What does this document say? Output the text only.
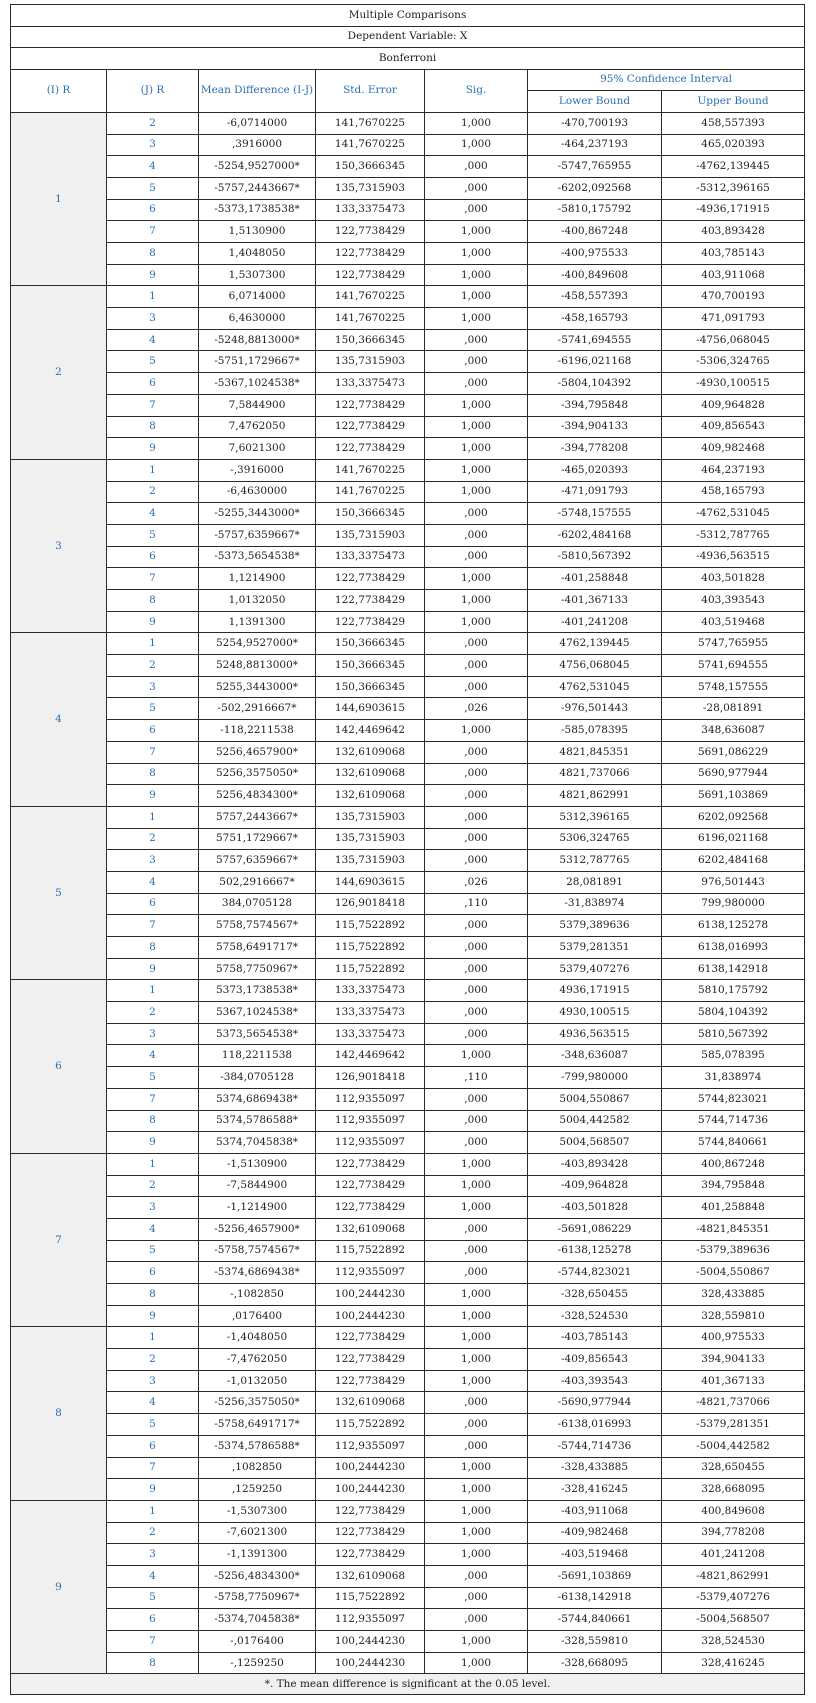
Multiple Comparisons						
Dependent Variable: X						
Bonferroni						
(I) R	(J) R	Mean Difference (I-J)	Std. Error	Sig.	95% Confidence Interval	
					Lower Bound	Upper Bound
1	2	-6,0714000	141,7670225	1,000	-470,700193	458,557393
	3	,3916000	141,7670225	1,000	-464,237193	465,020393
	4	-5254,9527000*	150,3666345	,000	-5747,765955	-4762,139445
	5	-5757,2443667*	135,7315903	,000	-6202,092568	-5312,396165
	6	-5373,1738538*	133,3375473	,000	-5810,175792	-4936,171915
	7	1,5130900	122,7738429	1,000	-400,867248	403,893428
	8	1,4048050	122,7738429	1,000	-400,975533	403,785143
	9	1,5307300	122,7738429	1,000	-400,849608	403,911068
2	1	6,0714000	141,7670225	1,000	-458,557393	470,700193
	3	6,4630000	141,7670225	1,000	-458,165793	471,091793
	4	-5248,8813000*	150,3666345	,000	-5741,694555	-4756,068045
	5	-5751,1729667*	135,7315903	,000	-6196,021168	-5306,324765
	6	-5367,1024538*	133,3375473	,000	-5804,104392	-4930,100515
	7	7,5844900	122,7738429	1,000	-394,795848	409,964828
	8	7,4762050	122,7738429	1,000	-394,904133	409,856543
	9	7,6021300	122,7738429	1,000	-394,778208	409,982468
3	1	-,3916000	141,7670225	1,000	-465,020393	464,237193
	2	-6,4630000	141,7670225	1,000	-471,091793	458,165793
	4	-5255,3443000*	150,3666345	,000	-5748,157555	-4762,531045
	5	-5757,6359667*	135,7315903	,000	-6202,484168	-5312,787765
	6	-5373,5654538*	133,3375473	,000	-5810,567392	-4936,563515
	7	1,1214900	122,7738429	1,000	-401,258848	403,501828
	8	1,0132050	122,7738429	1,000	-401,367133	403,393543
	9	1,1391300	122,7738429	1,000	-401,241208	403,519468
4	1	5254,9527000*	150,3666345	,000	4762,139445	5747,765955
	2	5248,8813000*	150,3666345	,000	4756,068045	5741,694555
	3	5255,3443000*	150,3666345	,000	4762,531045	5748,157555
	5	-502,2916667*	144,6903615	,026	-976,501443	-28,081891
	6	-118,2211538	142,4469642	1,000	-585,078395	348,636087
	7	5256,4657900*	132,6109068	,000	4821,845351	5691,086229
	8	5256,3575050*	132,6109068	,000	4821,737066	5690,977944
	9	5256,4834300*	132,6109068	,000	4821,862991	5691,103869
5	1	5757,2443667*	135,7315903	,000	5312,396165	6202,092568
	2	5751,1729667*	135,7315903	,000	5306,324765	6196,021168
	3	5757,6359667*	135,7315903	,000	5312,787765	6202,484168
	4	502,2916667*	144,6903615	,026	28,081891	976,501443
	6	384,0705128	126,9018418	,110	-31,838974	799,980000
	7	5758,7574567*	115,7522892	,000	5379,389636	6138,125278
	8	5758,6491717*	115,7522892	,000	5379,281351	6138,016993
	9	5758,7750967*	115,7522892	,000	5379,407276	6138,142918
6	1	5373,1738538*	133,3375473	,000	4936,171915	5810,175792
	2	5367,1024538*	133,3375473	,000	4930,100515	5804,104392
	3	5373,5654538*	133,3375473	,000	4936,563515	5810,567392
	4	118,2211538	142,4469642	1,000	-348,636087	585,078395
	5	-384,0705128	126,9018418	,110	-799,980000	31,838974
	7	5374,6869438*	112,9355097	,000	5004,550867	5744,823021
	8	5374,5786588*	112,9355097	,000	5004,442582	5744,714736
	9	5374,7045838*	112,9355097	,000	5004,568507	5744,840661
7	1	-1,5130900	122,7738429	1,000	-403,893428	400,867248
	2	-7,5844900	122,7738429	1,000	-409,964828	394,795848
	3	-1,1214900	122,7738429	1,000	-403,501828	401,258848
	4	-5256,4657900*	132,6109068	,000	-5691,086229	-4821,845351
	5	-5758,7574567*	115,7522892	,000	-6138,125278	-5379,389636
	6	-5374,6869438*	112,9355097	,000	-5744,823021	-5004,550867
	8	-,1082850	100,2444230	1,000	-328,650455	328,433885
	9	,0176400	100,2444230	1,000	-328,524530	328,559810
8	1	-1,4048050	122,7738429	1,000	-403,785143	400,975533
	2	-7,4762050	122,7738429	1,000	-409,856543	394,904133
	3	-1,0132050	122,7738429	1,000	-403,393543	401,367133
	4	-5256,3575050*	132,6109068	,000	-5690,977944	-4821,737066
	5	-5758,6491717*	115,7522892	,000	-6138,016993	-5379,281351
	6	-5374,5786588*	112,9355097	,000	-5744,714736	-5004,442582
	7	,1082850	100,2444230	1,000	-328,433885	328,650455
	9	,1259250	100,2444230	1,000	-328,416245	328,668095
9	1	-1,5307300	122,7738429	1,000	-403,911068	400,849608
	2	-7,6021300	122,7738429	1,000	-409,982468	394,778208
	3	-1,1391300	122,7738429	1,000	-403,519468	401,241208
	4	-5256,4834300*	132,6109068	,000	-5691,103869	-4821,862991
	5	-5758,7750967*	115,7522892	,000	-6138,142918	-5379,407276
	6	-5374,7045838*	112,9355097	,000	-5744,840661	-5004,568507
	7	-,0176400	100,2444230	1,000	-328,559810	328,524530
	8	-,1259250	100,2444230	1,000	-328,668095	328,416245
*. The mean difference is significant at the 0.05 level.						
